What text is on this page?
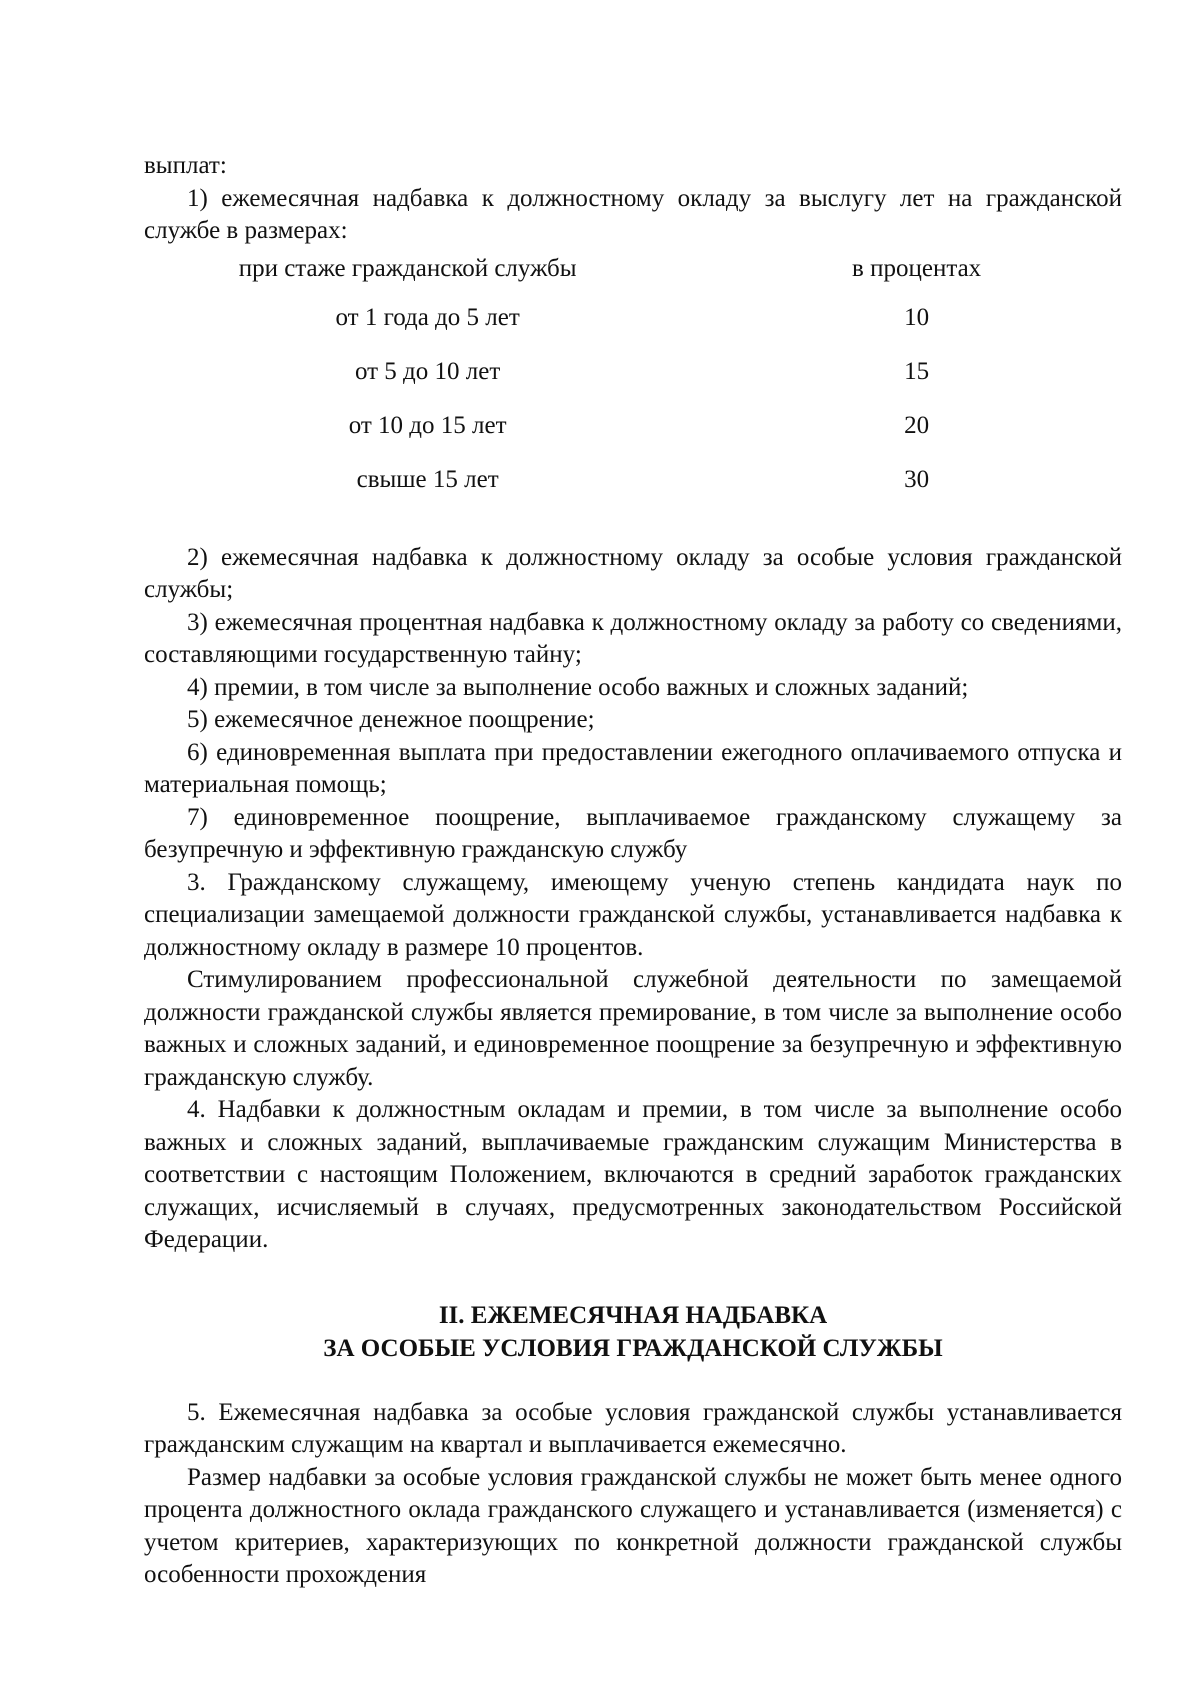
выплат:

1) ежемесячная надбавка к должностному окладу за выслугу лет на гражданской службе в размерах:

при стаже гражданской службы	в процентах
от 1 года до 5 лет	10
от 5 до 10 лет	15
от 10 до 15 лет	20
свыше 15 лет	30

2) ежемесячная надбавка к должностному окладу за особые условия гражданской службы;

3) ежемесячная процентная надбавка к должностному окладу за работу со сведениями, составляющими государственную тайну;

4) премии, в том числе за выполнение особо важных и сложных заданий;

5) ежемесячное денежное поощрение;

6) единовременная выплата при предоставлении ежегодного оплачиваемого отпуска и материальная помощь;

7) единовременное поощрение, выплачиваемое гражданскому служащему за безупречную и эффективную гражданскую службу

3. Гражданскому служащему, имеющему ученую степень кандидата наук по специализации замещаемой должности гражданской службы, устанавливается надбавка к должностному окладу в размере 10 процентов.

Стимулированием профессиональной служебной деятельности по замещаемой должности гражданской службы является премирование, в том числе за выполнение особо важных и сложных заданий, и единовременное поощрение за безупречную и эффективную гражданскую службу.

4. Надбавки к должностным окладам и премии, в том числе за выполнение особо важных и сложных заданий, выплачиваемые гражданским служащим Министерства в соответствии с настоящим Положением, включаются в средний заработок гражданских служащих, исчисляемый в случаях, предусмотренных законодательством Российской Федерации.

II. ЕЖЕМЕСЯЧНАЯ НАДБАВКА
ЗА ОСОБЫЕ УСЛОВИЯ ГРАЖДАНСКОЙ СЛУЖБЫ

5. Ежемесячная надбавка за особые условия гражданской службы устанавливается гражданским служащим на квартал и выплачивается ежемесячно.

Размер надбавки за особые условия гражданской службы не может быть менее одного процента должностного оклада гражданского служащего и устанавливается (изменяется) с учетом критериев, характеризующих по конкретной должности гражданской службы особенности прохождения
